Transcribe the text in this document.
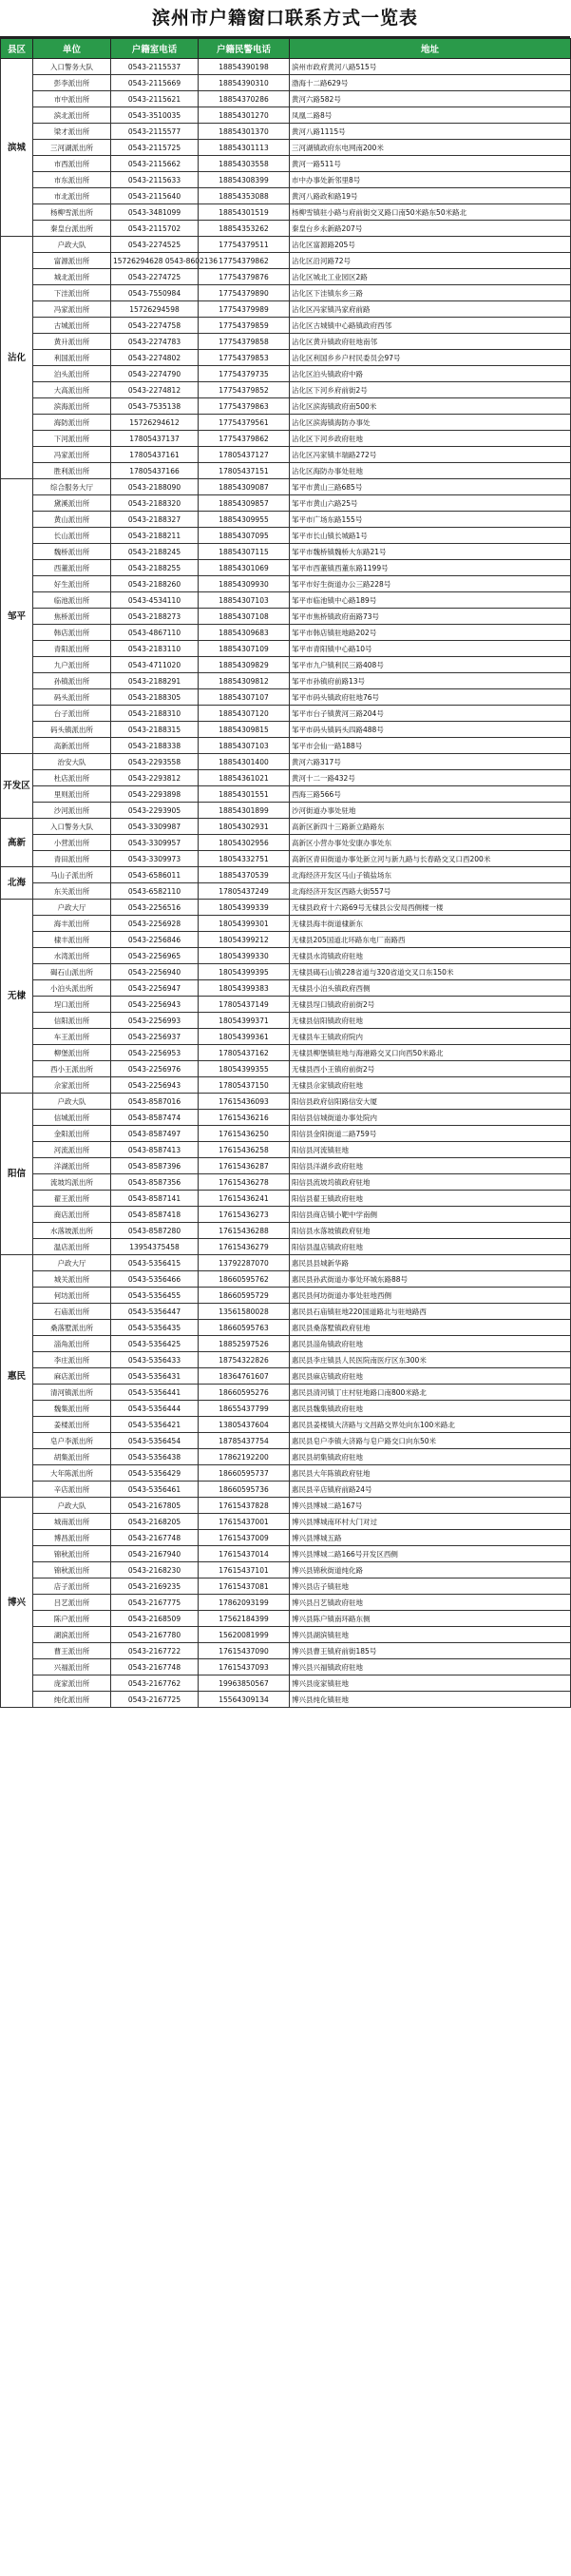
滨州市户籍窗口联系方式一览表
县区	单位	户籍室电话	户籍民警电话	地址
滨城	入口警务大队	0543-2115537	18854390198	滨州市政府黄河八路515号
	彭李派出所	0543-2115669	18854390310	渤海十二路629号
	市中派出所	0543-2115621	18854370286	黄河六路582号
	滨北派出所	0543-3510035	18854301270	凤凰二路8号
	梁才派出所	0543-2115577	18854301370	黄河八路1115号
	三河湖派出所	0543-2115725	18854301113	三河湖镇政府东电网南200米
	市西派出所	0543-2115662	18854303558	黄河一路511号
	市东派出所	0543-2115633	18854308399	市中办事处新邻里8号
	市北派出所	0543-2115640	18854353088	黄河八路政和路19号
	杨柳雪派出所	0543-3481099	18854301519	杨柳雪镇驻小路与府前街交叉路口南50米路东50米路北
	秦皇台派出所	0543-2115702	18854353262	秦皇台乡永新路207号
沾化	户政大队	0543-2274525	17754379511	沾化区富源路205号
	富源派出所	15726294628 0543-8602136	17754379862	沾化区沿河路72号
	城北派出所	0543-2274725	17754379876	沾化区城北工业园区2路
	下洼派出所	0543-7550984	17754379890	沾化区下洼镇东乡三路
	冯家派出所	15726294598	17754379989	沾化区冯家镇冯家府前路
	古城派出所	0543-2274758	17754379859	沾化区古城镇中心路镇政府西邻
	黄升派出所	0543-2274783	17754379858	沾化区黄升镇政府驻地南邻
	利国派出所	0543-2274802	17754379853	沾化区利国乡乡户村民委员会97号
	泊头派出所	0543-2274790	17754379735	沾化区泊头镇政府中路
	大高派出所	0543-2274812	17754379852	沾化区下河乡府前街2号
	滨海派出所	0543-7535138	17754379863	沾化区滨海镇政府南500米
	海防派出所	15726294612	17754379561	沾化区滨海镇海防办事处
	下河派出所	17805437137	17754379862	沾化区下河乡政府驻地
	冯家派出所	17805437161	17805437127	沾化区冯家镇丰瑞路272号
	胜利派出所	17805437166	17805437151	沾化区海防办事处驻地
邹平	综合服务大厅	0543-2188090	18854309087	邹平市黄山三路685号
	黛溪派出所	0543-2188320	18854309857	邹平市黄山六路25号
	黄山派出所	0543-2188327	18854309955	邹平市广场东路155号
	长山派出所	0543-2188211	18854307095	邹平市长山镇长城路1号
	魏桥派出所	0543-2188245	18854307115	邹平市魏桥镇魏桥大东路21号
	西董派出所	0543-2188255	18854301069	邹平市西董镇西董东路1199号
	好生派出所	0543-2188260	18854309930	邹平市好生街道办公三路228号
	临池派出所	0543-4534110	18854307103	邹平市临池镇中心路189号
	焦桥派出所	0543-2188273	18854307108	邹平市焦桥镇政府南路73号
	韩店派出所	0543-4867110	18854309683	邹平市韩店镇驻地路202号
	青阳派出所	0543-2183110	18854307109	邹平市青阳镇中心路10号
	九户派出所	0543-4711020	18854309829	邹平市九户镇利民三路408号
	孙镇派出所	0543-2188291	18854309812	邹平市孙镇府前路13号
	码头派出所	0543-2188305	18854307107	邹平市码头镇政府驻地76号
	台子派出所	0543-2188310	18854307120	邹平市台子镇黄河三路204号
	码头镇派出所	0543-2188315	18854309815	邹平市码头镇码头四路488号
	高新派出所	0543-2188338	18854307103	邹平市会仙一路188号
开发区	治安大队	0543-2293558	18854301400	黄河六路317号
	杜店派出所	0543-2293812	18854361021	黄河十二一路432号
	里则派出所	0543-2293898	18854301551	西海三路566号
	沙河派出所	0543-2293905	18854301899	沙河街道办事处驻地
高新	入口警务大队	0543-3309987	18054302931	高新区新四十三路新立路路东
	小营派出所	0543-3309957	18054302956	高新区小营办事处安康办事处东
	青田派出所	0543-3309973	18054332751	高新区青田街道办事处新立河与新九路与长春路交叉口西200米
北海	马山子派出所	0543-6586011	18854370539	北海经济开发区马山子镇盐场东
	东关派出所	0543-6582110	17805437249	北海经济开发区西路大街557号
无棣	户政大厅	0543-2256516	18054399339	无棣县政府十六路69号无棣县公安局西侧楼一楼
	海丰派出所	0543-2256928	18054399301	无棣县海丰街道棣新东
	棣丰派出所	0543-2256846	18054399212	无棣县205国道北环路东电厂南路西
	水湾派出所	0543-2256965	18054399330	无棣县水湾镇政府驻地
	碣石山派出所	0543-2256940	18054399395	无棣县碣石山镇228省道与320省道交叉口东150米
	小泊头派出所	0543-2256947	18054399383	无棣县小泊头镇政府西侧
	埕口派出所	0543-2256943	17805437149	无棣县埕口镇政府前街2号
	信阳派出所	0543-2256993	18054399371	无棣县信阳镇政府驻地
	车王派出所	0543-2256937	18054399361	无棣县车王镇政府院内
	柳堡派出所	0543-2256953	17805437162	无棣县柳堡镇驻地与海港路交叉口向西50米路北
	西小王派出所	0543-2256976	18054399355	无棣县西小王镇府前街2号
	佘家派出所	0543-2256943	17805437150	无棣县佘家镇政府驻地
阳信	户政大队	0543-8587016	17615436093	阳信县政府信阳路信安大厦
	信城派出所	0543-8587474	17615436216	阳信县信城街道办事处院内
	金阳派出所	0543-8587497	17615436250	阳信县金阳街道二路759号
	河流派出所	0543-8587413	17615436258	阳信县河流镇驻地
	洋湖派出所	0543-8587396	17615436287	阳信县洋湖乡政府驻地
	流坡坞派出所	0543-8587356	17615436278	阳信县流坡坞镇政府驻地
	翟王派出所	0543-8587141	17615436241	阳信县翟王镇政府驻地
	商店派出所	0543-8587418	17615436273	阳信县商店镇小靶中学南侧
	水落坡派出所	0543-8587280	17615436288	阳信县水落坡镇政府驻地
	温店派出所	13954375458	17615436279	阳信县温店镇政府驻地
惠民	户政大厅	0543-5356415	13792287070	惠民县县城新华路
	城关派出所	0543-5356466	18660595762	惠民县孙武街道办事处环城东路88号
	何坊派出所	0543-5356455	18660595729	惠民县何坊街道办事处驻地西侧
	石庙派出所	0543-5356447	13561580028	惠民县石庙镇驻地220国道路北与驻地路西
	桑落墅派出所	0543-5356435	18660595763	惠民县桑落墅镇政府驻地
	淄角派出所	0543-5356425	18852597526	惠民县淄角镇政府驻地
	李庄派出所	0543-5356433	18754322826	惠民县李庄镇县人民医院南医疗区东300米
	麻店派出所	0543-5356431	18364761607	惠民县麻店镇政府驻地
	清河镇派出所	0543-5356441	18660595276	惠民县清河镇丁庄村驻地路口南800米路北
	魏集派出所	0543-5356444	18655437799	惠民县魏集镇政府驻地
	姜楼派出所	0543-5356421	13805437604	惠民县姜楼镇大济路与文昌路交界处向东100米路北
	皂户李派出所	0543-5356454	18785437754	惠民县皂户李镇大济路与皂户路交口向东50米
	胡集派出所	0543-5356438	17862192200	惠民县胡集镇政府驻地
	大年陈派出所	0543-5356429	18660595737	惠民县大年陈镇政府驻地
	辛店派出所	0543-5356461	18660595736	惠民县辛店镇府前路24号
博兴	户政大队	0543-2167805	17615437828	博兴县博城二路167号
	城南派出所	0543-2168205	17615437001	博兴县博城南环村大门对过
	博昌派出所	0543-2167748	17615437009	博兴县博城五路
	锦秋派出所	0543-2167940	17615437014	博兴县博城二路166号开发区西侧
	锦秋派出所	0543-2168230	17615437101	博兴县锦秋街道纯化路
	店子派出所	0543-2169235	17615437081	博兴县店子镇驻地
	吕艺派出所	0543-2167775	17862093199	博兴县吕艺镇政府驻地
	陈户派出所	0543-2168509	17562184399	博兴县陈户镇南环路东侧
	湖滨派出所	0543-2167780	15620081999	博兴县湖滨镇驻地
	曹王派出所	0543-2167722	17615437090	博兴县曹王镇府前街185号
	兴福派出所	0543-2167748	17615437093	博兴县兴福镇政府驻地
	庞家派出所	0543-2167762	19963850567	博兴县庞家镇驻地
	纯化派出所	0543-2167725	15564309134	博兴县纯化镇驻地
